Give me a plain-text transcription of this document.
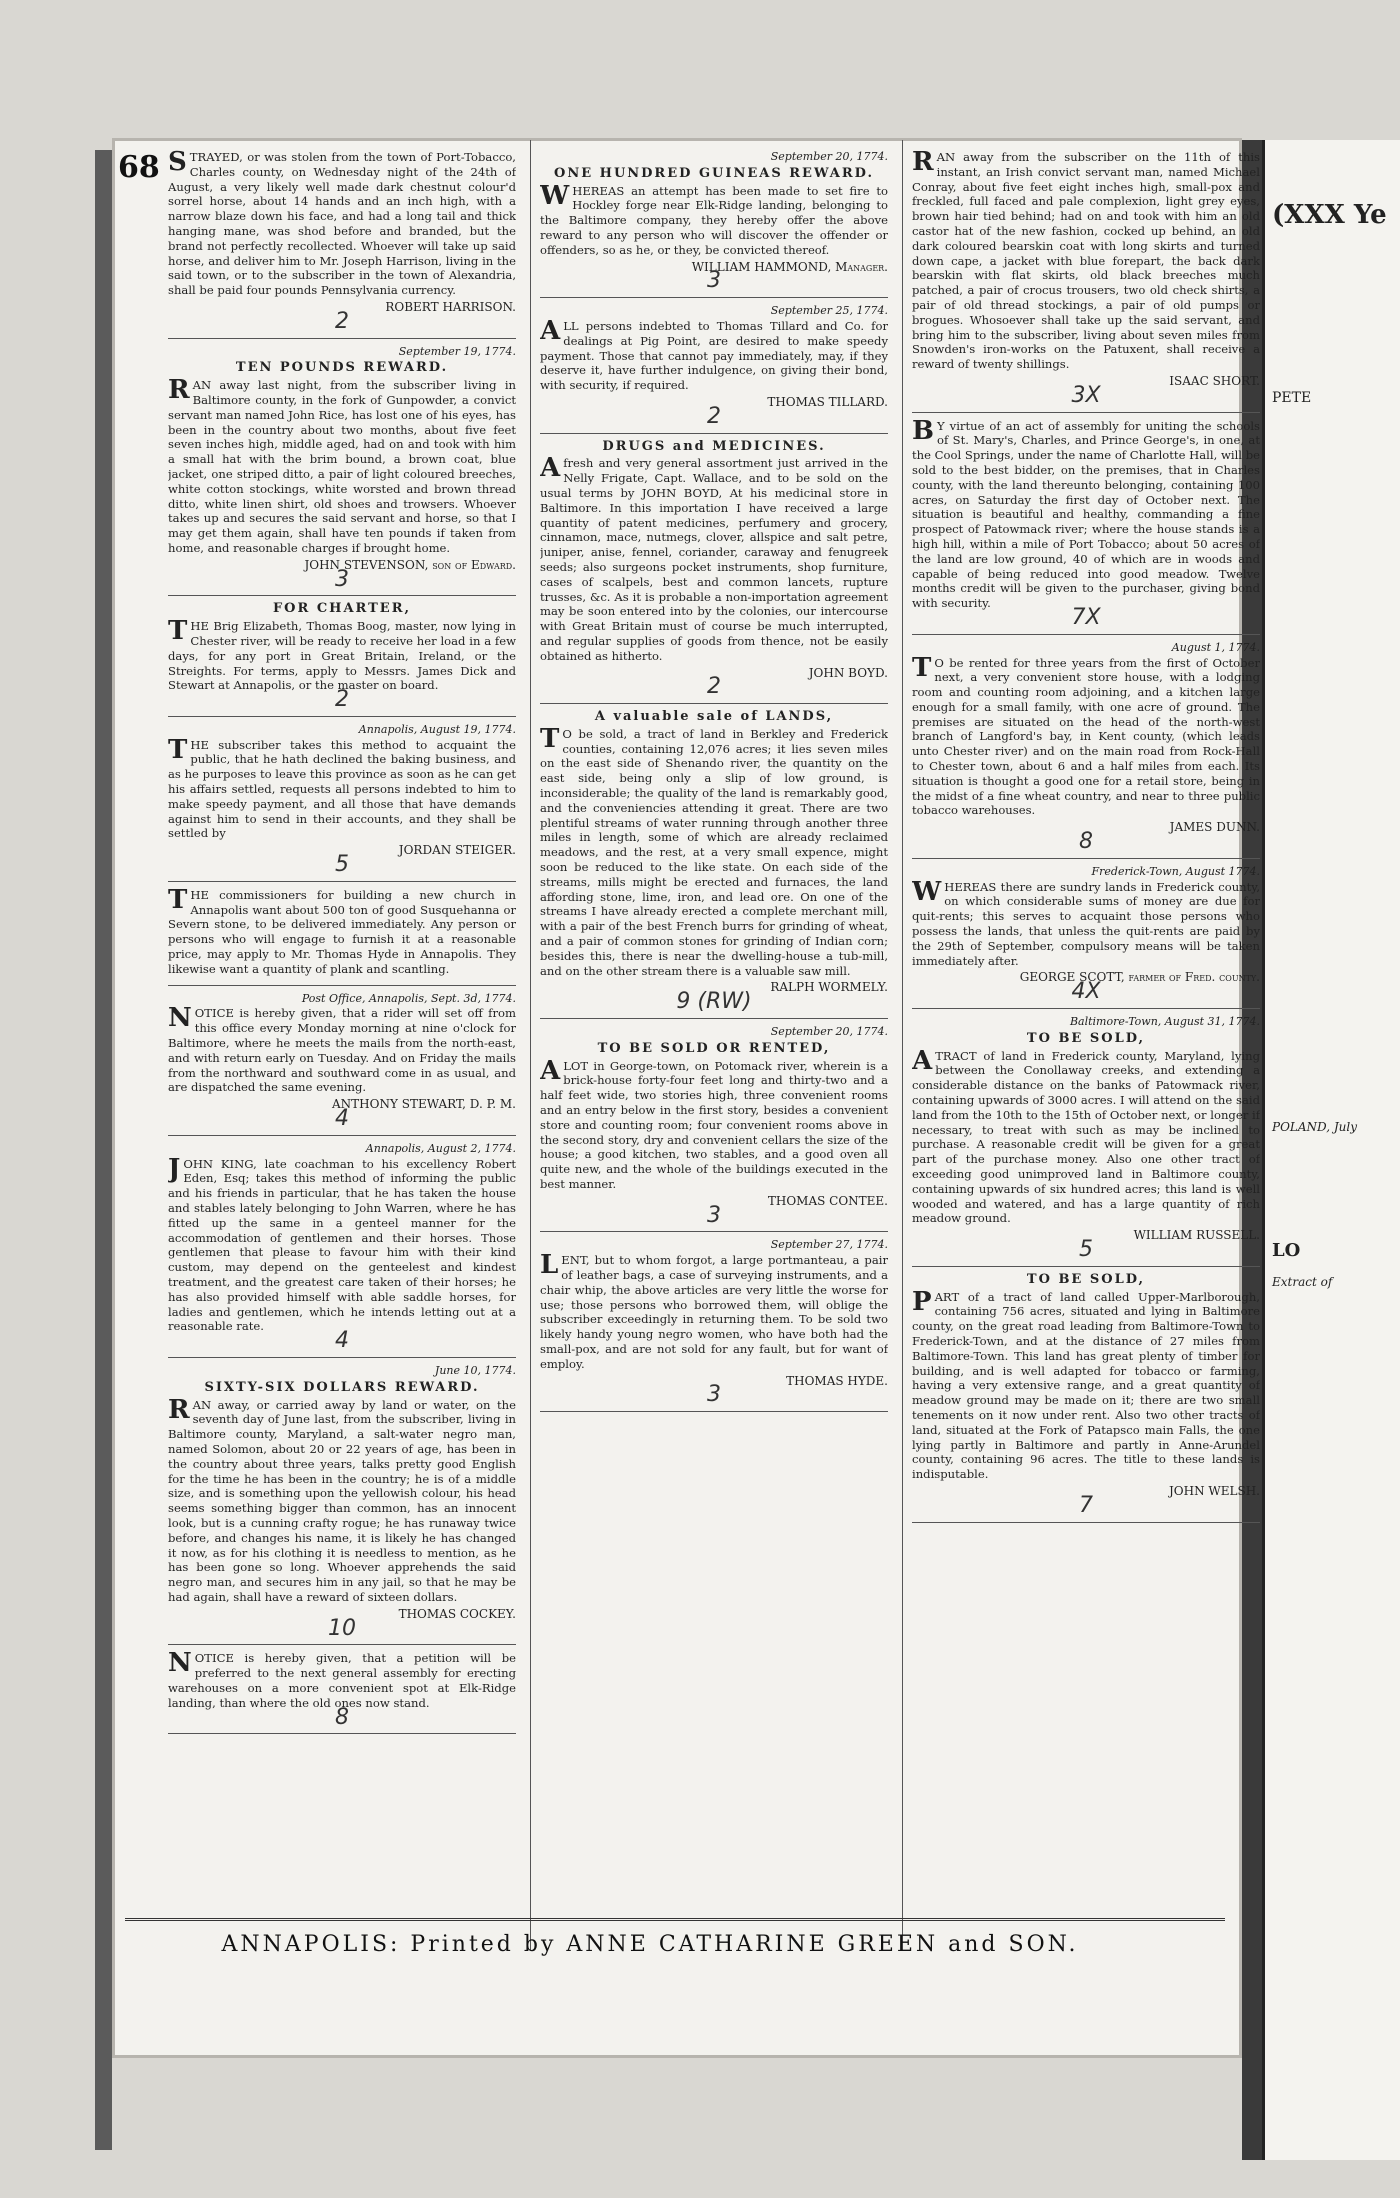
(XXX Ye
PETE
LO
POLAND, July
Extract of
68 STRAYED, or was stolen from the town of Port-Tobacco, Charles county, on Wednesday night of the 24th of August, a very likely well made dark chestnut colour'd sorrel horse, about 14 hands and an inch high, with a narrow blaze down his face, and had a long tail and thick hanging mane, was shod before and branded, but the brand not perfectly recollected. Whoever will take up said horse, and deliver him to Mr. Joseph Harrison, living in the said town, or to the subscriber in the town of Alexandria, shall be paid four pounds Pennsylvania currency.
ROBERT HARRISON.
2
September 19, 1774.
TEN POUNDS REWARD.
RAN away last night, from the subscriber living in Baltimore county, in the fork of Gunpowder, a convict servant man named John Rice, has lost one of his eyes, has been in the country about two months, about five feet seven inches high, middle aged, had on and took with him a small hat with the brim bound, a brown coat, blue jacket, one striped ditto, a pair of light coloured breeches, white cotton stockings, white worsted and brown thread ditto, white linen shirt, old shoes and trowsers. Whoever takes up and secures the said servant and horse, so that I may get them again, shall have ten pounds if taken from home, and reasonable charges if brought home.
JOHN STEVENSON, son of Edward.
3
FOR CHARTER,
THE Brig Elizabeth, Thomas Boog, master, now lying in Chester river, will be ready to receive her load in a few days, for any port in Great Britain, Ireland, or the Streights. For terms, apply to Messrs. James Dick and Stewart at Annapolis, or the master on board.
2
Annapolis, August 19, 1774.
THE subscriber takes this method to acquaint the public, that he hath declined the baking business, and as he purposes to leave this province as soon as he can get his affairs settled, requests all persons indebted to him to make speedy payment, and all those that have demands against him to send in their accounts, and they shall be settled by
JORDAN STEIGER.
5
THE commissioners for building a new church in Annapolis want about 500 ton of good Susquehanna or Severn stone, to be delivered immediately. Any person or persons who will engage to furnish it at a reasonable price, may apply to Mr. Thomas Hyde in Annapolis. They likewise want a quantity of plank and scantling.
Post Office, Annapolis, Sept. 3d, 1774.
NOTICE is hereby given, that a rider will set off from this office every Monday morning at nine o'clock for Baltimore, where he meets the mails from the north-east, and with return early on Tuesday. And on Friday the mails from the northward and southward come in as usual, and are dispatched the same evening.
ANTHONY STEWART, D. P. M.
4
Annapolis, August 2, 1774.
JOHN KING, late coachman to his excellency Robert Eden, Esq; takes this method of informing the public and his friends in particular, that he has taken the house and stables lately belonging to John Warren, where he has fitted up the same in a genteel manner for the accommodation of gentlemen and their horses. Those gentlemen that please to favour him with their kind custom, may depend on the genteelest and kindest treatment, and the greatest care taken of their horses; he has also provided himself with able saddle horses, for ladies and gentlemen, which he intends letting out at a reasonable rate.
4
June 10, 1774.
SIXTY-SIX DOLLARS REWARD.
RAN away, or carried away by land or water, on the seventh day of June last, from the subscriber, living in Baltimore county, Maryland, a salt-water negro man, named Solomon, about 20 or 22 years of age, has been in the country about three years, talks pretty good English for the time he has been in the country; he is of a middle size, and is something upon the yellowish colour, his head seems something bigger than common, has an innocent look, but is a cunning crafty rogue; he has runaway twice before, and changes his name, it is likely he has changed it now, as for his clothing it is needless to mention, as he has been gone so long. Whoever apprehends the said negro man, and secures him in any jail, so that he may be had again, shall have a reward of sixteen dollars.
THOMAS COCKEY.
10
NOTICE is hereby given, that a petition will be preferred to the next general assembly for erecting warehouses on a more convenient spot at Elk-Ridge landing, than where the old ones now stand.
8
September 20, 1774.
ONE HUNDRED GUINEAS REWARD.
WHEREAS an attempt has been made to set fire to Hockley forge near Elk-Ridge landing, belonging to the Baltimore company, they hereby offer the above reward to any person who will discover the offender or offenders, so as he, or they, be convicted thereof.
WILLIAM HAMMOND, Manager.
3
September 25, 1774.
ALL persons indebted to Thomas Tillard and Co. for dealings at Pig Point, are desired to make speedy payment. Those that cannot pay immediately, may, if they deserve it, have further indulgence, on giving their bond, with security, if required.
THOMAS TILLARD.
2
DRUGS and MEDICINES.
Afresh and very general assortment just arrived in the Nelly Frigate, Capt. Wallace, and to be sold on the usual terms by JOHN BOYD, At his medicinal store in Baltimore. In this importation I have received a large quantity of patent medicines, perfumery and grocery, cinnamon, mace, nutmegs, clover, allspice and salt petre, juniper, anise, fennel, coriander, caraway and fenugreek seeds; also surgeons pocket instruments, shop furniture, cases of scalpels, best and common lancets, rupture trusses, &c. As it is probable a non-importation agreement may be soon entered into by the colonies, our intercourse with Great Britain must of course be much interrupted, and regular supplies of goods from thence, not be easily obtained as hitherto.
JOHN BOYD.
2
A valuable sale of LANDS,
TO be sold, a tract of land in Berkley and Frederick counties, containing 12,076 acres; it lies seven miles on the east side of Shenando river, the quantity on the east side, being only a slip of low ground, is inconsiderable; the quality of the land is remarkably good, and the conveniencies attending it great. There are two plentiful streams of water running through another three miles in length, some of which are already reclaimed meadows, and the rest, at a very small expence, might soon be reduced to the like state. On each side of the streams, mills might be erected and furnaces, the land affording stone, lime, iron, and lead ore. On one of the streams I have already erected a complete merchant mill, with a pair of the best French burrs for grinding of wheat, and a pair of common stones for grinding of Indian corn; besides this, there is near the dwelling-house a tub-mill, and on the other stream there is a valuable saw mill.
RALPH WORMELY.
9 (RW)
September 20, 1774.
TO BE SOLD OR RENTED,
ALOT in George-town, on Potomack river, wherein is a brick-house forty-four feet long and thirty-two and a half feet wide, two stories high, three convenient rooms and an entry below in the first story, besides a convenient store and counting room; four convenient rooms above in the second story, dry and convenient cellars the size of the house; a good kitchen, two stables, and a good oven all quite new, and the whole of the buildings executed in the best manner.
THOMAS CONTEE.
3
September 27, 1774.
LENT, but to whom forgot, a large portmanteau, a pair of leather bags, a case of surveying instruments, and a chair whip, the above articles are very little the worse for use; those persons who borrowed them, will oblige the subscriber exceedingly in returning them. To be sold two likely handy young negro women, who have both had the small-pox, and are not sold for any fault, but for want of employ.
THOMAS HYDE.
3
RAN away from the subscriber on the 11th of this instant, an Irish convict servant man, named Michael Conray, about five feet eight inches high, small-pox and freckled, full faced and pale complexion, light grey eyes, brown hair tied behind; had on and took with him an old castor hat of the new fashion, cocked up behind, an old dark coloured bearskin coat with long skirts and turned down cape, a jacket with blue forepart, the back dark bearskin with flat skirts, old black breeches much patched, a pair of crocus trousers, two old check shirts, a pair of old thread stockings, a pair of old pumps or brogues. Whosoever shall take up the said servant, and bring him to the subscriber, living about seven miles from Snowden's iron-works on the Patuxent, shall receive a reward of twenty shillings.
ISAAC SHORT.
3X
BY virtue of an act of assembly for uniting the schools of St. Mary's, Charles, and Prince George's, in one, at the Cool Springs, under the name of Charlotte Hall, will be sold to the best bidder, on the premises, that in Charles county, with the land thereunto belonging, containing 100 acres, on Saturday the first day of October next. The situation is beautiful and healthy, commanding a fine prospect of Patowmack river; where the house stands is a high hill, within a mile of Port Tobacco; about 50 acres of the land are low ground, 40 of which are in woods and capable of being reduced into good meadow. Twelve months credit will be given to the purchaser, giving bond with security.
7X
August 1, 1774.
TO be rented for three years from the first of October next, a very convenient store house, with a lodging room and counting room adjoining, and a kitchen large enough for a small family, with one acre of ground. The premises are situated on the head of the north-west branch of Langford's bay, in Kent county, (which leads unto Chester river) and on the main road from Rock-Hall to Chester town, about 6 and a half miles from each. Its situation is thought a good one for a retail store, being in the midst of a fine wheat country, and near to three public tobacco warehouses.
JAMES DUNN.
8
Frederick-Town, August 1774.
WHEREAS there are sundry lands in Frederick county, on which considerable sums of money are due for quit-rents; this serves to acquaint those persons who possess the lands, that unless the quit-rents are paid by the 29th of September, compulsory means will be taken immediately after.
GEORGE SCOTT, farmer of Fred. county.
4X
Baltimore-Town, August 31, 1774.
TO BE SOLD,
ATRACT of land in Frederick county, Maryland, lying between the Conollaway creeks, and extending a considerable distance on the banks of Patowmack river, containing upwards of 3000 acres. I will attend on the said land from the 10th to the 15th of October next, or longer if necessary, to treat with such as may be inclined to purchase. A reasonable credit will be given for a great part of the purchase money. Also one other tract of exceeding good unimproved land in Baltimore county, containing upwards of six hundred acres; this land is well wooded and watered, and has a large quantity of rich meadow ground.
WILLIAM RUSSELL.
5
TO BE SOLD,
PART of a tract of land called Upper-Marlborough, containing 756 acres, situated and lying in Baltimore county, on the great road leading from Baltimore-Town to Frederick-Town, and at the distance of 27 miles from Baltimore-Town. This land has great plenty of timber for building, and is well adapted for tobacco or farming, having a very extensive range, and a great quantity of meadow ground may be made on it; there are two small tenements on it now under rent. Also two other tracts of land, situated at the Fork of Patapsco main Falls, the one lying partly in Baltimore and partly in Anne-Arundel county, containing 96 acres. The title to these lands is indisputable.
JOHN WELSH.
7
ANNAPOLIS: Printed by ANNE CATHARINE GREEN and SON.
